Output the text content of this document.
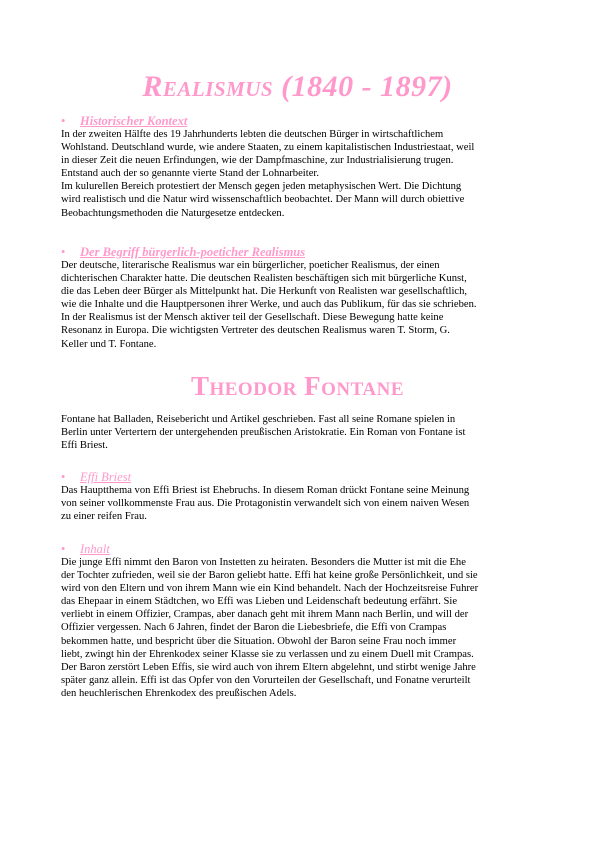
Realismus (1840 - 1897)
• Historischer Kontext
In der zweiten Hälfte des 19 Jahrhunderts lebten die deutschen Bürger in wirtschaftlichem
Wohlstand. Deutschland wurde, wie andere Staaten, zu einem kapitalistischen Industriestaat, weil
in dieser Zeit die neuen Erfindungen, wie der Dampfmaschine, zur Industrialisierung trugen.
Entstand auch der so genannte vierte Stand der Lohnarbeiter.
Im kulurellen Bereich protestiert der Mensch gegen jeden metaphysischen Wert. Die Dichtung
wird realistisch und die Natur wird wissenschaftlich beobachtet. Der Mann will durch obiettive
Beobachtungsmethoden die Naturgesetze entdecken.
• Der Begriff bürgerlich-poeticher Realismus
Der deutsche, literarische Realismus war ein bürgerlicher, poeticher Realismus, der einen
dichterischen Charakter hatte. Die deutschen Realisten beschäftigen sich mit bürgerliche Kunst,
die das Leben deer Bürger als Mittelpunkt hat. Die Herkunft von Realisten war gesellschaftlich,
wie die Inhalte und die Hauptpersonen ihrer Werke, und auch das Publikum, für das sie schrieben.
In der Realismus ist der Mensch aktiver teil der Gesellschaft. Diese Bewegung hatte keine
Resonanz in Europa. Die wichtigsten Vertreter des deutschen Realismus waren T. Storm, G.
Keller und T. Fontane.
Theodor Fontane
Fontane hat Balladen, Reisebericht und Artikel geschrieben. Fast all seine Romane spielen in
Berlin unter Vertertern der untergehenden preußischen Aristokratie. Ein Roman von Fontane ist
Effi Briest.
• Effi Briest
Das Hauptthema von Effi Briest ist Ehebruchs. In diesem Roman drückt Fontane seine Meinung
von seiner vollkommenste Frau aus. Die Protagonistin verwandelt sich von einem naiven Wesen
zu einer reifen Frau.
• Inhalt
Die junge Effi nimmt den Baron von Instetten zu heiraten. Besonders die Mutter ist mit die Ehe
der Tochter zufrieden, weil sie der Baron geliebt hatte. Effi hat keine große Persönlichkeit, und sie
wird von den Eltern und von ihrem Mann wie ein Kind behandelt. Nach der Hochzeitsreise Fuhrer
das Ehepaar in einem Städtchen, wo Effi was Lieben und Leidenschaft bedeutung erfährt. Sie
verliebt in einem Offizier, Crampas, aber danach geht mit ihrem Mann nach Berlin, und will der
Offizier vergessen. Nach 6 Jahren, findet der Baron die Liebesbriefe, die Effi von Crampas
bekommen hatte, und bespricht über die Situation. Obwohl der Baron seine Frau noch immer
liebt, zwingt hin der Ehrenkodex seiner Klasse sie zu verlassen und zu einem Duell mit Crampas.
Der Baron zerstört Leben Effis, sie wird auch von ihrem Eltern abgelehnt, und stirbt wenige Jahre
später ganz allein. Effi ist das Opfer von den Vorurteilen der Gesellschaft, und Fonatne verurteilt
den heuchlerischen Ehrenkodex des preußischen Adels.
